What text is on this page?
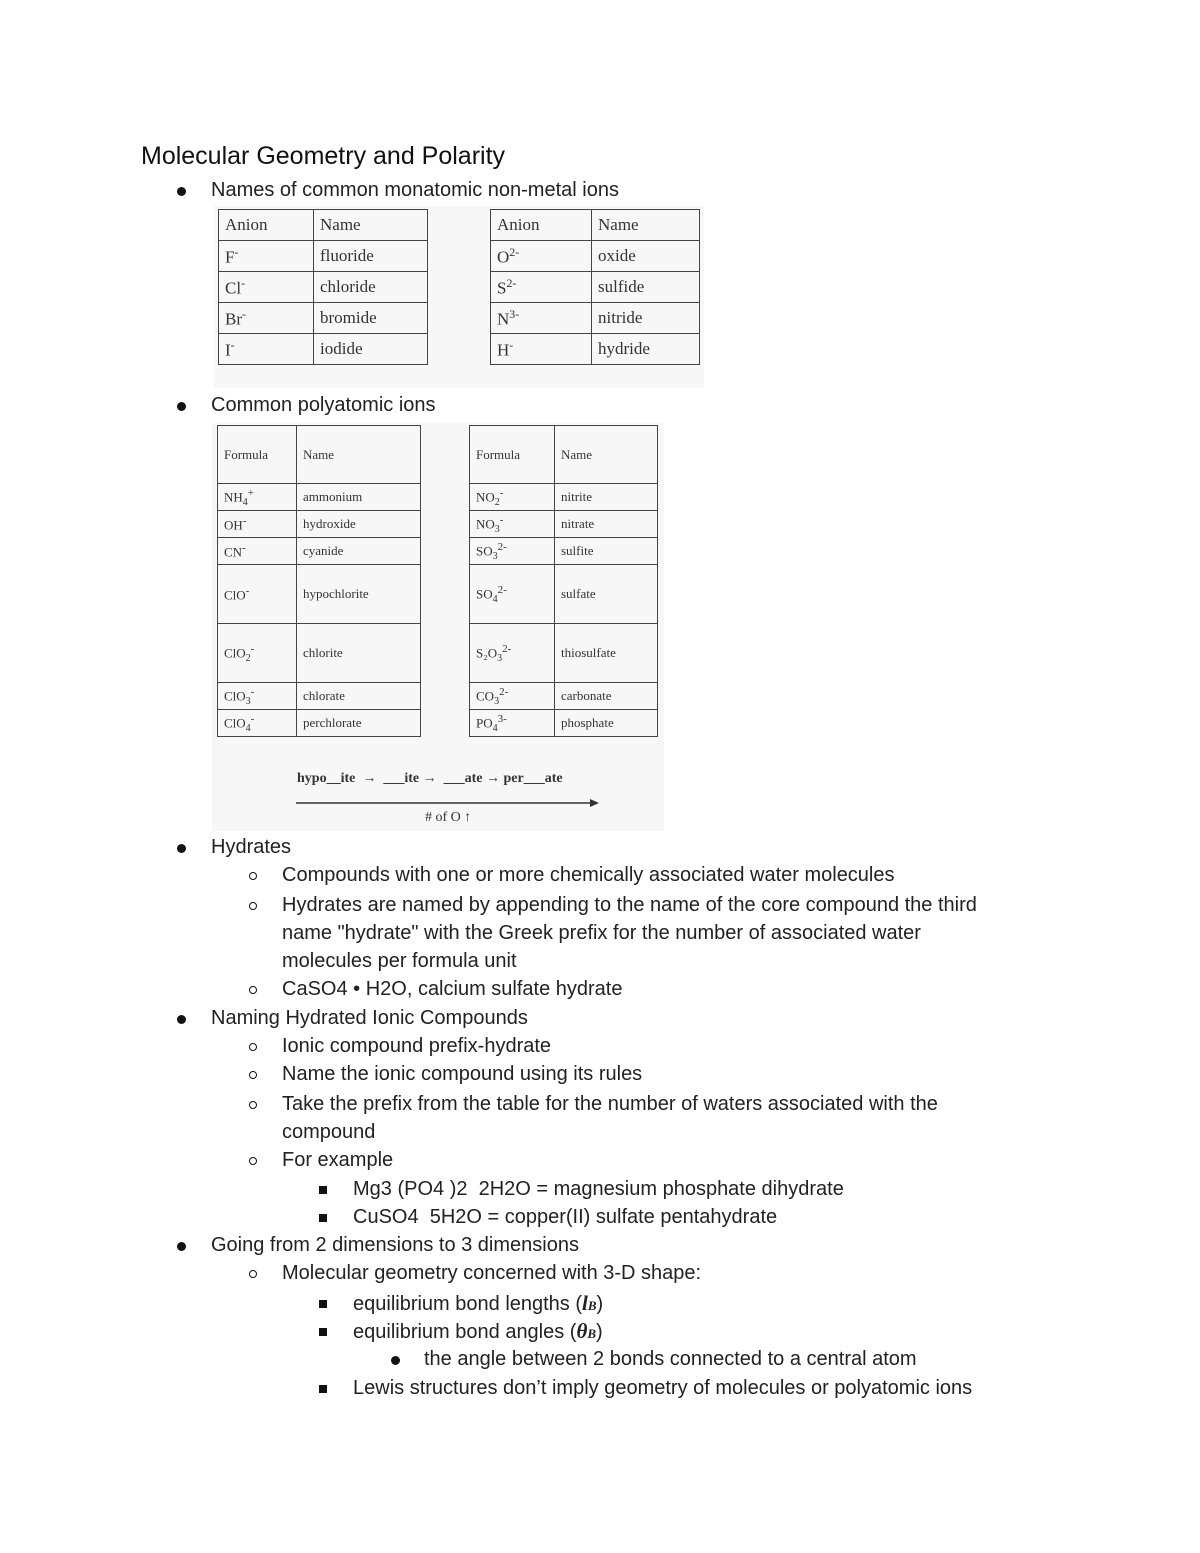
Molecular Geometry and Polarity
Names of common monatomic non-metal ions
Anion	Name
F-	fluoride
Cl-	chloride
Br-	bromide
I-	iodide
Anion	Name
$O^{2-}$	oxide
$S^{2-}$	sulfide
$N^{3-}$	nitride
H-	hydride
Common polyatomic ions
Formula	Name
$NH_4^+$	ammonium
OH-	hydroxide
CN-	cyanide
ClO-	hypochlorite
ClO$_2$-	chlorite
ClO$_3$-	chlorate
ClO$_4$-	perchlorate
Formula	Name
$NO_2^-$	nitrite
$NO_3^-$	nitrate
$SO_3^{2-}$	sulfite
$SO_4^{2-}$	sulfate
$S_2O_3^{2-}$	thiosulfate
$CO_3^{2-}$	carbonate
$PO_4^{3-}$	phosphate
hypo__ite  →  ___ite →  ___ate → per___ate
# of O ↑
Hydrates
Compounds with one or more chemically associated water molecules
Hydrates are named by appending to the name of the core compound the third
name "hydrate" with the Greek prefix for the number of associated water
molecules per formula unit
CaSO4 • H2O, calcium sulfate hydrate
Naming Hydrated Ionic Compounds
Ionic compound prefix-hydrate
Name the ionic compound using its rules
Take the prefix from the table for the number of waters associated with the
compound
For example
Mg3 (PO4 )2  2H2O = magnesium phosphate dihydrate
CuSO4  5H2O = copper(II) sulfate pentahydrate
Going from 2 dimensions to 3 dimensions
Molecular geometry concerned with 3-D shape:
equilibrium bond lengths (lB)
equilibrium bond angles (θB)
the angle between 2 bonds connected to a central atom
Lewis structures don’t imply geometry of molecules or polyatomic ions
